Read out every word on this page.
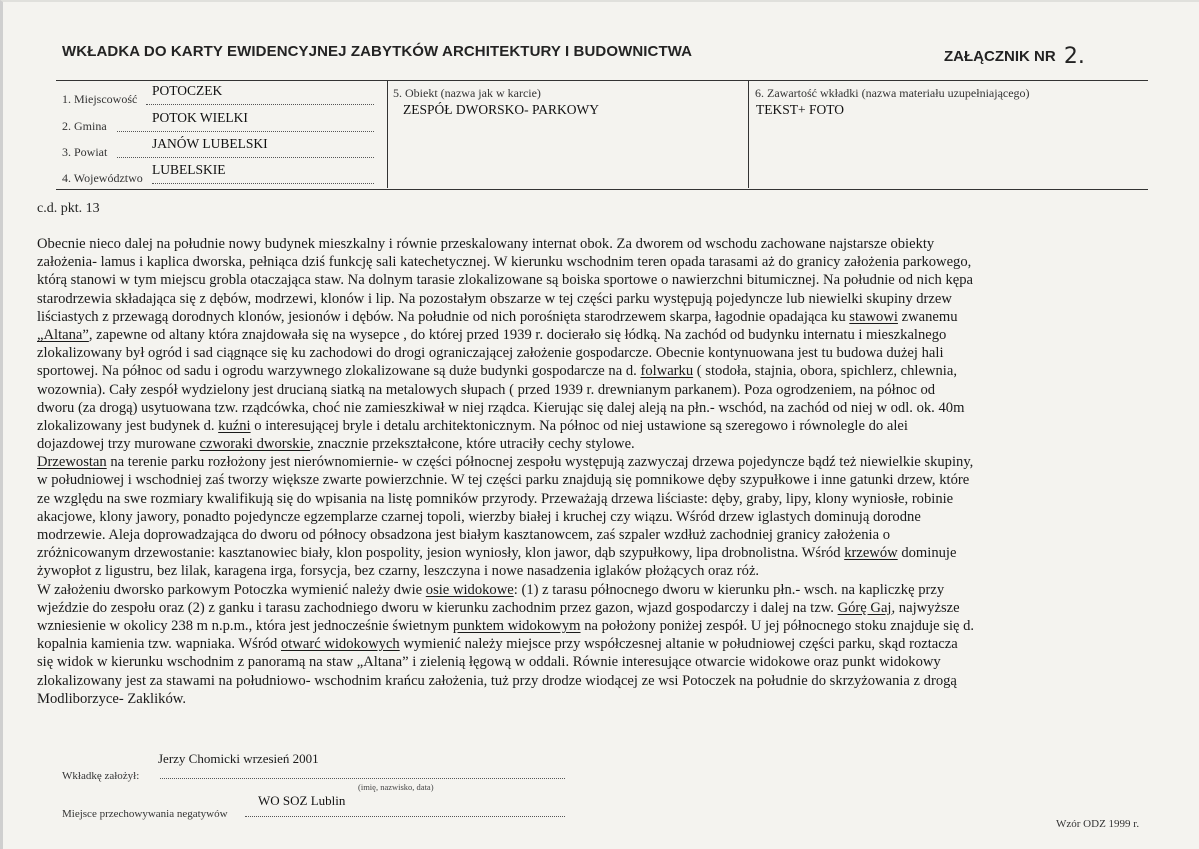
WKŁADKA DO KARTY EWIDENCYJNEJ ZABYTKÓW ARCHITEKTURY I BUDOWNICTWA	ZAŁĄCZNIK NR 2.
1. Miejscowość
POTOCZEK
2. Gmina
POTOK WIELKI
3. Powiat
JANÓW LUBELSKI
4. Województwo
LUBELSKIE
5. Obiekt (nazwa jak w karcie)
ZESPÓŁ DWORSKO- PARKOWY
6. Zawartość wkładki (nazwa materiału uzupełniającego)
TEKST+ FOTO
c.d. pkt. 13
Obecnie nieco dalej na południe nowy budynek mieszkalny i równie przeskalowany internat obok. Za dworem od wschodu zachowane najstarsze obiekty
założenia- lamus i kaplica dworska, pełniąca dziś funkcję sali katechetycznej. W kierunku wschodnim teren opada tarasami aż do granicy założenia parkowego,
którą stanowi w tym miejscu grobla otaczająca staw. Na dolnym tarasie zlokalizowane są boiska sportowe o nawierzchni bitumicznej. Na południe od nich kępa
starodrzewia składająca się z dębów, modrzewi, klonów i lip. Na pozostałym obszarze w tej części parku występują pojedyncze lub niewielki skupiny drzew
liściastych z przewagą dorodnych klonów, jesionów i dębów. Na południe od nich porośnięta starodrzewem skarpa, łagodnie opadająca ku stawowi zwanemu
„Altana”, zapewne od altany która znajdowała się na wysepce , do której przed 1939 r. docierało się łódką. Na zachód od budynku internatu i mieszkalnego
zlokalizowany był ogród i sad ciągnące się ku zachodowi do drogi ograniczającej założenie gospodarcze. Obecnie kontynuowana jest tu budowa dużej hali
sportowej. Na północ od sadu i ogrodu warzywnego zlokalizowane są duże budynki gospodarcze na d. folwarku ( stodoła, stajnia, obora, spichlerz, chlewnia,
wozownia). Cały zespół wydzielony jest drucianą siatką na metalowych słupach ( przed 1939 r. drewnianym parkanem). Poza ogrodzeniem, na północ od
dworu (za drogą) usytuowana tzw. rządcówka, choć nie zamieszkiwał w niej rządca. Kierując się dalej aleją na płn.- wschód, na zachód od niej w odl. ok. 40m
zlokalizowany jest budynek d. kuźni o interesującej bryle i detalu architektonicznym. Na północ od niej ustawione są szeregowo i równolegle do alei
dojazdowej trzy murowane czworaki dworskie, znacznie przekształcone, które utraciły cechy stylowe.
Drzewostan na terenie parku rozłożony jest nierównomiernie- w części północnej zespołu występują zazwyczaj drzewa pojedyncze bądź też niewielkie skupiny,
w południowej i wschodniej zaś tworzy większe zwarte powierzchnie. W tej części parku znajdują się pomnikowe dęby szypułkowe i inne gatunki drzew, które
ze względu na swe rozmiary kwalifikują się do wpisania na listę pomników przyrody. Przeważają drzewa liściaste: dęby, graby, lipy, klony wyniosłe, robinie
akacjowe, klony jawory, ponadto pojedyncze egzemplarze czarnej topoli, wierzby białej i kruchej czy wiązu. Wśród drzew iglastych dominują dorodne
modrzewie. Aleja doprowadzająca do dworu od północy obsadzona jest białym kasztanowcem, zaś szpaler wzdłuż zachodniej granicy założenia o
zróżnicowanym drzewostanie: kasztanowiec biały, klon pospolity, jesion wyniosły, klon jawor, dąb szypułkowy, lipa drobnolistna. Wśród krzewów dominuje
żywopłot z ligustru, bez lilak, karagena irga, forsycja, bez czarny, leszczyna i nowe nasadzenia iglaków płożących oraz róż.
W założeniu dworsko parkowym Potoczka wymienić należy dwie osie widokowe: (1) z tarasu północnego dworu w kierunku płn.- wsch. na kapliczkę przy
wjeździe do zespołu oraz (2) z ganku i tarasu zachodniego dworu w kierunku zachodnim przez gazon, wjazd gospodarczy i dalej na tzw. Górę Gaj, najwyższe
wzniesienie w okolicy 238 m n.p.m., która jest jednocześnie świetnym punktem widokowym na położony poniżej zespół. U jej północnego stoku znajduje się d.
kopalnia kamienia tzw. wapniaka. Wśród otwarć widokowych wymienić należy miejsce przy współczesnej altanie w południowej części parku, skąd roztacza
się widok w kierunku wschodnim z panoramą na staw „Altana” i zielenią łęgową w oddali. Równie interesujące otwarcie widokowe oraz punkt widokowy
zlokalizowany jest za stawami na południowo- wschodnim krańcu założenia, tuż przy drodze wiodącej ze wsi Potoczek na południe do skrzyżowania z drogą
Modliborzyce- Zaklików.
Jerzy Chomicki wrzesień 2001
Wkładkę założył:
(imię, nazwisko, data)
WO SOZ Lublin
Miejsce przechowywania negatywów
Wzór ODZ 1999 r.
